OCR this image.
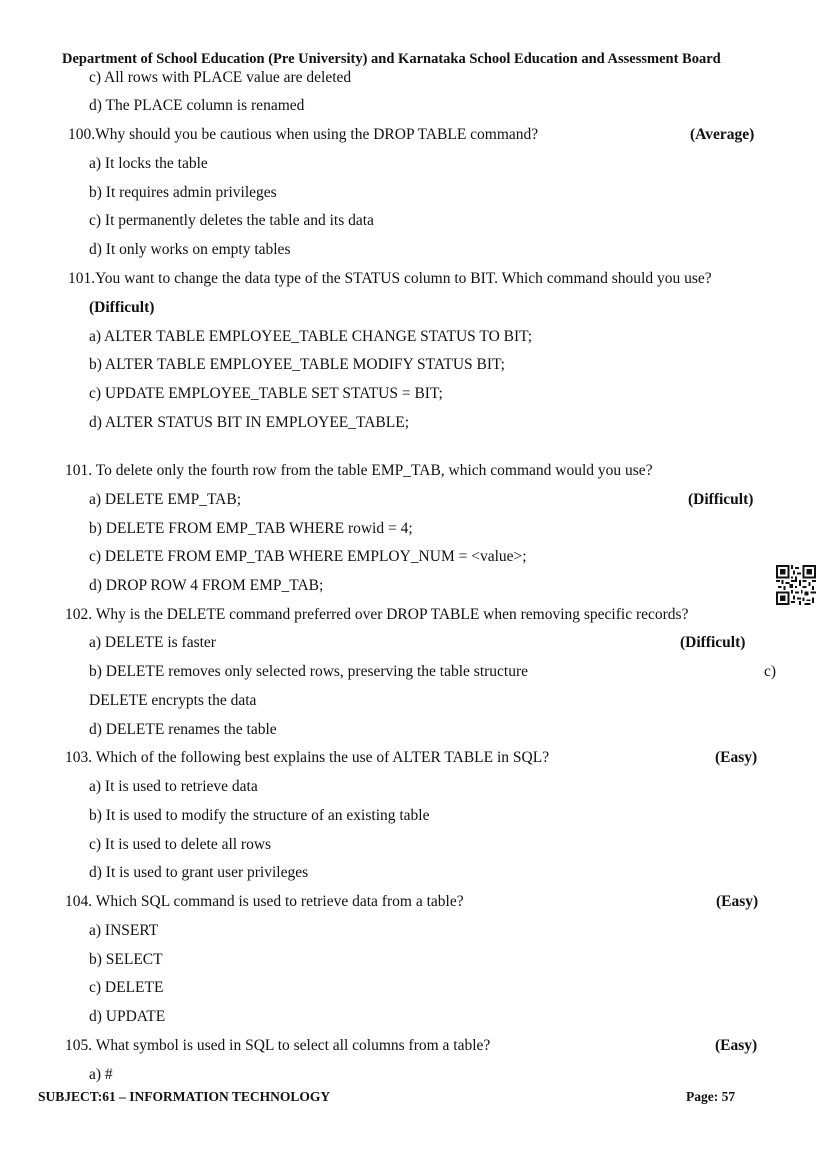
Department of School Education (Pre University) and Karnataka School Education and Assessment Board
c) All rows with PLACE value are deleted
d) The PLACE column is renamed
100.Why should you be cautious when using the DROP TABLE command?	(Average)
a) It locks the table
b) It requires admin privileges
c) It permanently deletes the table and its data
d) It only works on empty tables
101.You want to change the data type of the STATUS column to BIT. Which command should you use?
(Difficult)
a) ALTER TABLE EMPLOYEE_TABLE CHANGE STATUS TO BIT;
b) ALTER TABLE EMPLOYEE_TABLE MODIFY STATUS BIT;
c) UPDATE EMPLOYEE_TABLE SET STATUS = BIT;
d) ALTER STATUS BIT IN EMPLOYEE_TABLE;
101. To delete only the fourth row from the table EMP_TAB, which command would you use?
a) DELETE EMP_TAB;	(Difficult)
b) DELETE FROM EMP_TAB WHERE rowid = 4;
c) DELETE FROM EMP_TAB WHERE EMPLOY_NUM = <value>;
d) DROP ROW 4 FROM EMP_TAB;
102. Why is the DELETE command preferred over DROP TABLE when removing specific records?
a) DELETE is faster	(Difficult)
b) DELETE removes only selected rows, preserving the table structure	c)
DELETE encrypts the data
d) DELETE renames the table
103. Which of the following best explains the use of ALTER TABLE in SQL?	(Easy)
a) It is used to retrieve data
b) It is used to modify the structure of an existing table
c) It is used to delete all rows
d) It is used to grant user privileges
104. Which SQL command is used to retrieve data from a table?	(Easy)
a) INSERT
b) SELECT
c) DELETE
d) UPDATE
105. What symbol is used in SQL to select all columns from a table?	(Easy)
a) #
SUBJECT:61 – INFORMATION TECHNOLOGY	Page: 57
